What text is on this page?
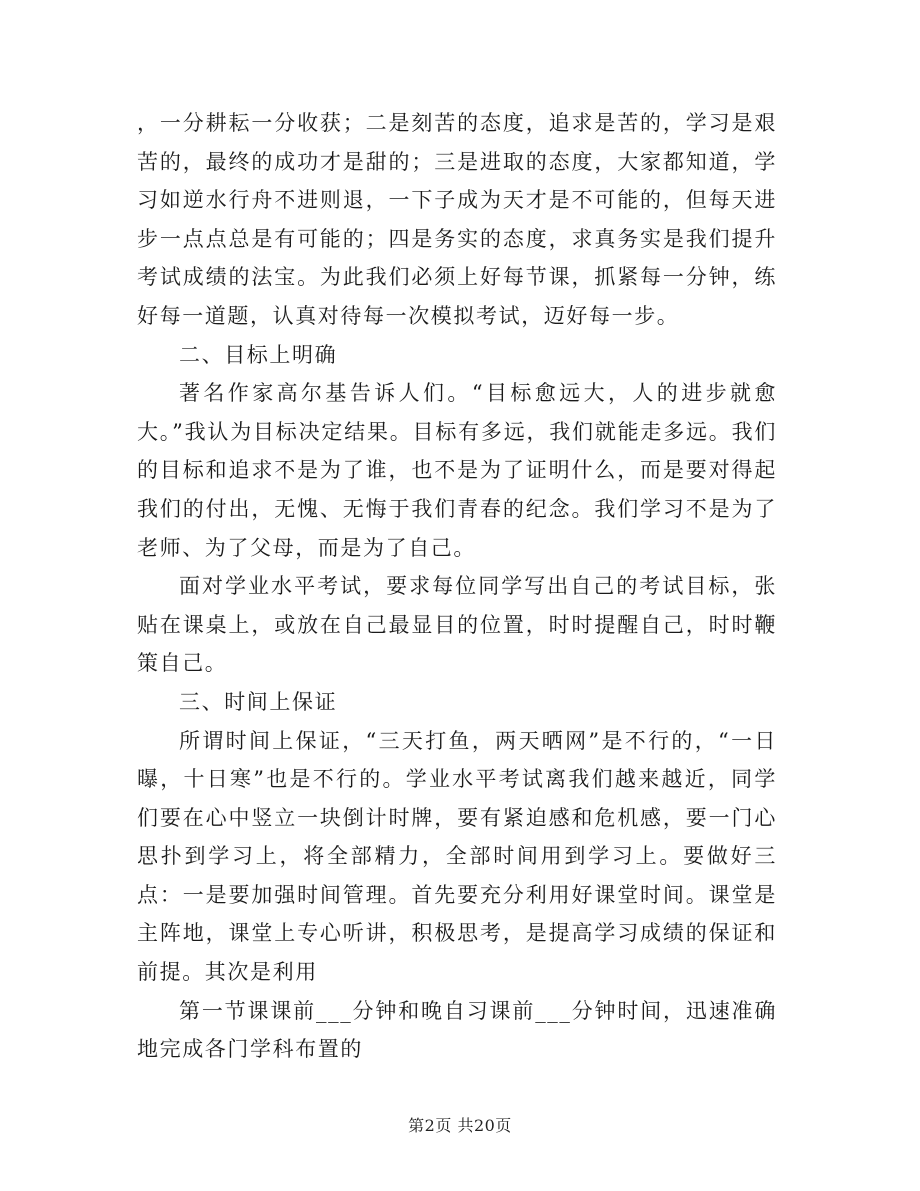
，一分耕耘一分收获；二是刻苦的态度，追求是苦的，学习是艰苦的，最终的成功才是甜的；三是进取的态度，大家都知道，学习如逆水行舟不进则退，一下子成为天才是不可能的，但每天进步一点点总是有可能的；四是务实的态度，求真务实是我们提升考试成绩的法宝。为此我们必须上好每节课，抓紧每一分钟，练好每一道题，认真对待每一次模拟考试，迈好每一步。

二、目标上明确

著名作家高尔基告诉人们。“目标愈远大，人的进步就愈大。”我认为目标决定结果。目标有多远，我们就能走多远。我们的目标和追求不是为了谁，也不是为了证明什么，而是要对得起我们的付出，无愧、无悔于我们青春的纪念。我们学习不是为了老师、为了父母，而是为了自己。

面对学业水平考试，要求每位同学写出自己的考试目标，张贴在课桌上，或放在自己最显目的位置，时时提醒自己，时时鞭策自己。

三、时间上保证

所谓时间上保证，“三天打鱼，两天晒网”是不行的，“一日曝，十日寒”也是不行的。学业水平考试离我们越来越近，同学们要在心中竖立一块倒计时牌，要有紧迫感和危机感，要一门心思扑到学习上，将全部精力，全部时间用到学习上。要做好三点：一是要加强时间管理。首先要充分利用好课堂时间。课堂是主阵地，课堂上专心听讲，积极思考，是提高学习成绩的保证和前提。其次是利用

第一节课课前___分钟和晚自习课前___分钟时间，迅速准确地完成各门学科布置的

第2页 共20页
